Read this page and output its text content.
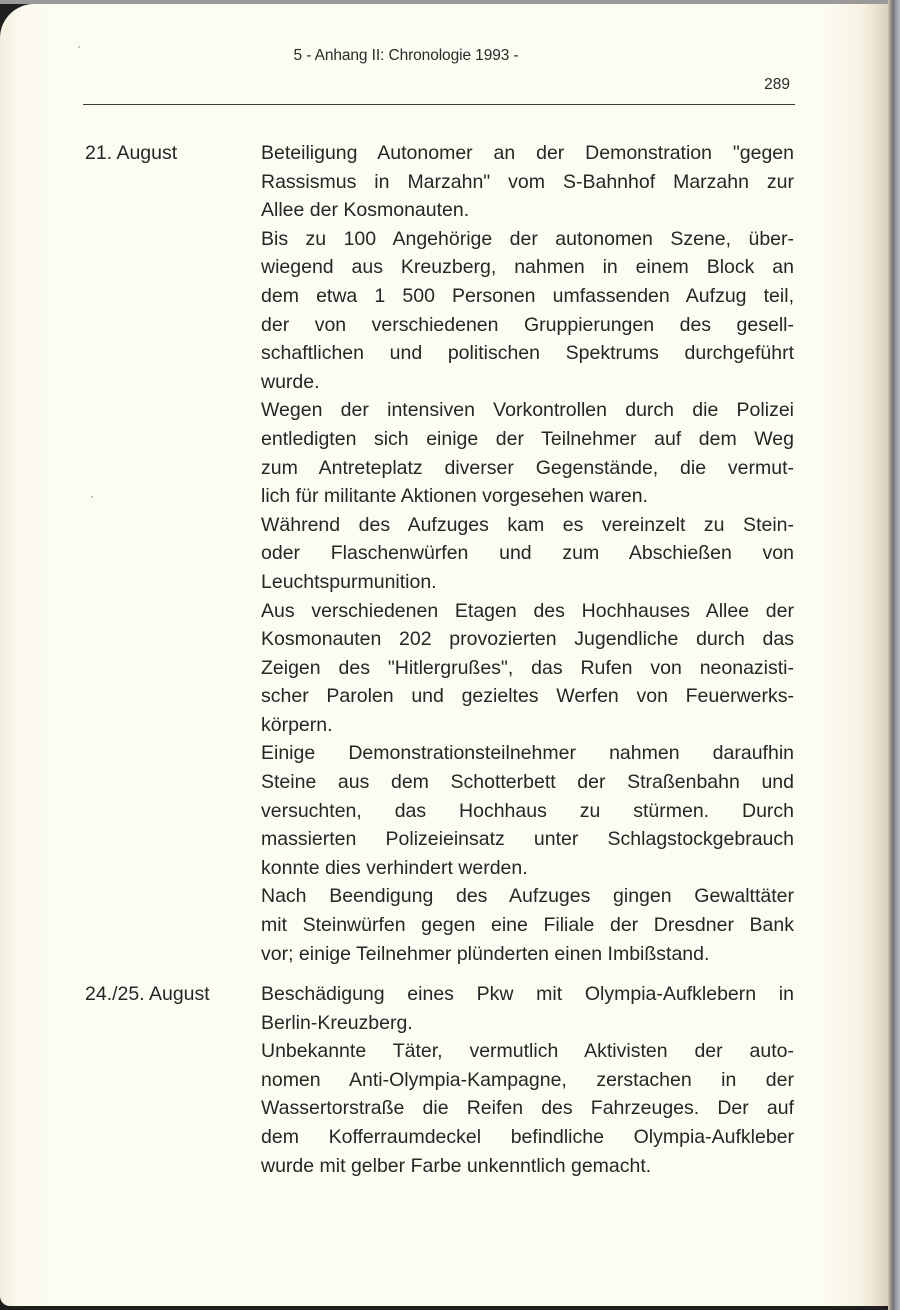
5 - Anhang II: Chronologie 1993 -
289
21. August	Beteiligung Autonomer an der Demonstration "gegen
Rassismus in Marzahn" vom S-Bahnhof Marzahn zur
Allee der Kosmonauten.
Bis zu 100 Angehörige der autonomen Szene, über-
wiegend aus Kreuzberg, nahmen in einem Block an
dem etwa 1 500 Personen umfassenden Aufzug teil,
der von verschiedenen Gruppierungen des gesell-
schaftlichen und politischen Spektrums durchgeführt
wurde.
Wegen der intensiven Vorkontrollen durch die Polizei
entledigten sich einige der Teilnehmer auf dem Weg
zum Antreteplatz diverser Gegenstände, die vermut-
lich für militante Aktionen vorgesehen waren.
Während des Aufzuges kam es vereinzelt zu Stein-
oder Flaschenwürfen und zum Abschießen von
Leuchtspurmunition.
Aus verschiedenen Etagen des Hochhauses Allee der
Kosmonauten 202 provozierten Jugendliche durch das
Zeigen des "Hitlergrußes", das Rufen von neonazisti-
scher Parolen und gezieltes Werfen von Feuerwerks-
körpern.
Einige Demonstrationsteilnehmer nahmen daraufhin
Steine aus dem Schotterbett der Straßenbahn und
versuchten, das Hochhaus zu stürmen. Durch
massierten Polizeieinsatz unter Schlagstockgebrauch
konnte dies verhindert werden.
Nach Beendigung des Aufzuges gingen Gewalttäter
mit Steinwürfen gegen eine Filiale der Dresdner Bank
vor; einige Teilnehmer plünderten einen Imbißstand.
24./25. August	Beschädigung eines Pkw mit Olympia-Aufklebern in
Berlin-Kreuzberg.
Unbekannte Täter, vermutlich Aktivisten der auto-
nomen Anti-Olympia-Kampagne, zerstachen in der
Wassertorstraße die Reifen des Fahrzeuges. Der auf
dem Kofferraumdeckel befindliche Olympia-Aufkleber
wurde mit gelber Farbe unkenntlich gemacht.
